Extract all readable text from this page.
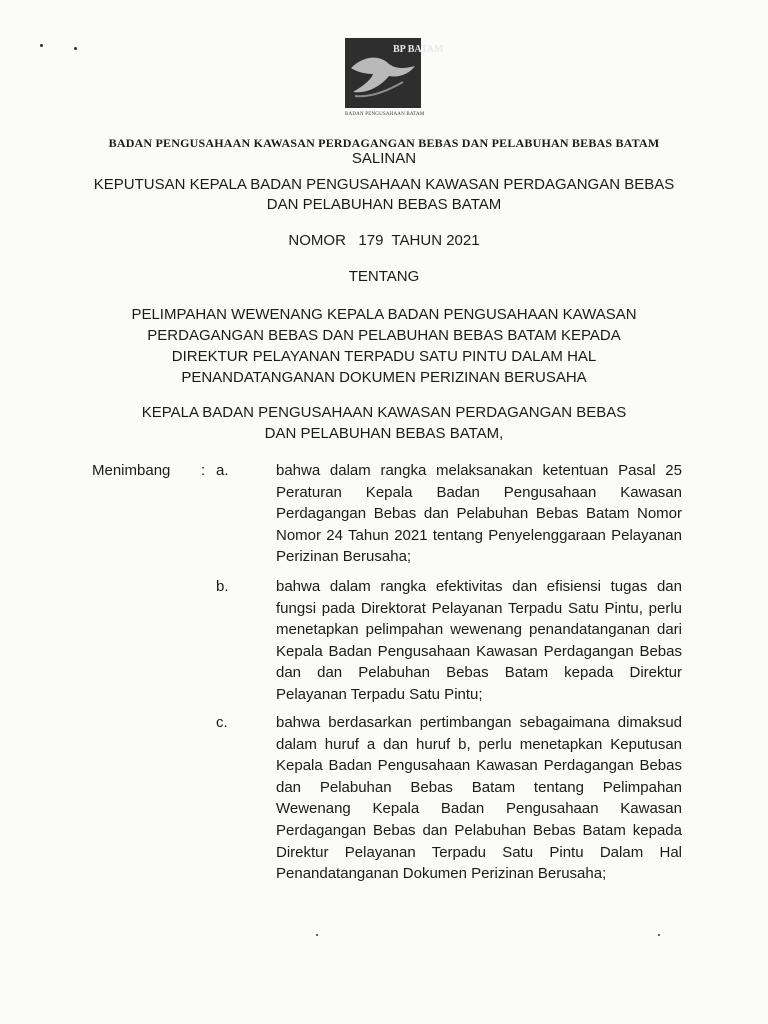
BP BATAM
BADAN PENGUSAHAAN BATAM
BADAN PENGUSAHAAN KAWASAN PERDAGANGAN BEBAS DAN PELABUHAN BEBAS BATAM
SALINAN
KEPUTUSAN KEPALA BADAN PENGUSAHAAN KAWASAN PERDAGANGAN BEBAS
DAN PELABUHAN BEBAS BATAM
NOMOR   179  TAHUN 2021
TENTANG
PELIMPAHAN WEWENANG KEPALA BADAN PENGUSAHAAN KAWASAN
PERDAGANGAN BEBAS DAN PELABUHAN BEBAS BATAM KEPADA
DIREKTUR PELAYANAN TERPADU SATU PINTU DALAM HAL
PENANDATANGANAN DOKUMEN PERIZINAN BERUSAHA
KEPALA BADAN PENGUSAHAAN KAWASAN PERDAGANGAN BEBAS
DAN PELABUHAN BEBAS BATAM,
Menimbang : a.	bahwa dalam rangka melaksanakan ketentuan Pasal 25 Peraturan Kepala Badan Pengusahaan Kawasan Perdagangan Bebas dan Pelabuhan Bebas Batam Nomor Nomor 24 Tahun 2021 tentang Penyelenggaraan Pelayanan Perizinan Berusaha;
b.	bahwa dalam rangka efektivitas dan efisiensi tugas dan fungsi pada Direktorat Pelayanan Terpadu Satu Pintu, perlu menetapkan pelimpahan wewenang penandatanganan dari Kepala Badan Pengusahaan Kawasan Perdagangan Bebas dan dan Pelabuhan Bebas Batam kepada Direktur Pelayanan Terpadu Satu Pintu;
c.	bahwa berdasarkan pertimbangan sebagaimana dimaksud dalam huruf a dan huruf b, perlu menetapkan Keputusan Kepala Badan Pengusahaan Kawasan Perdagangan Bebas dan Pelabuhan Bebas Batam tentang Pelimpahan Wewenang Kepala Badan Pengusahaan Kawasan Perdagangan Bebas dan Pelabuhan Bebas Batam kepada Direktur Pelayanan Terpadu Satu Pintu Dalam Hal Penandatanganan Dokumen Perizinan Berusaha;
